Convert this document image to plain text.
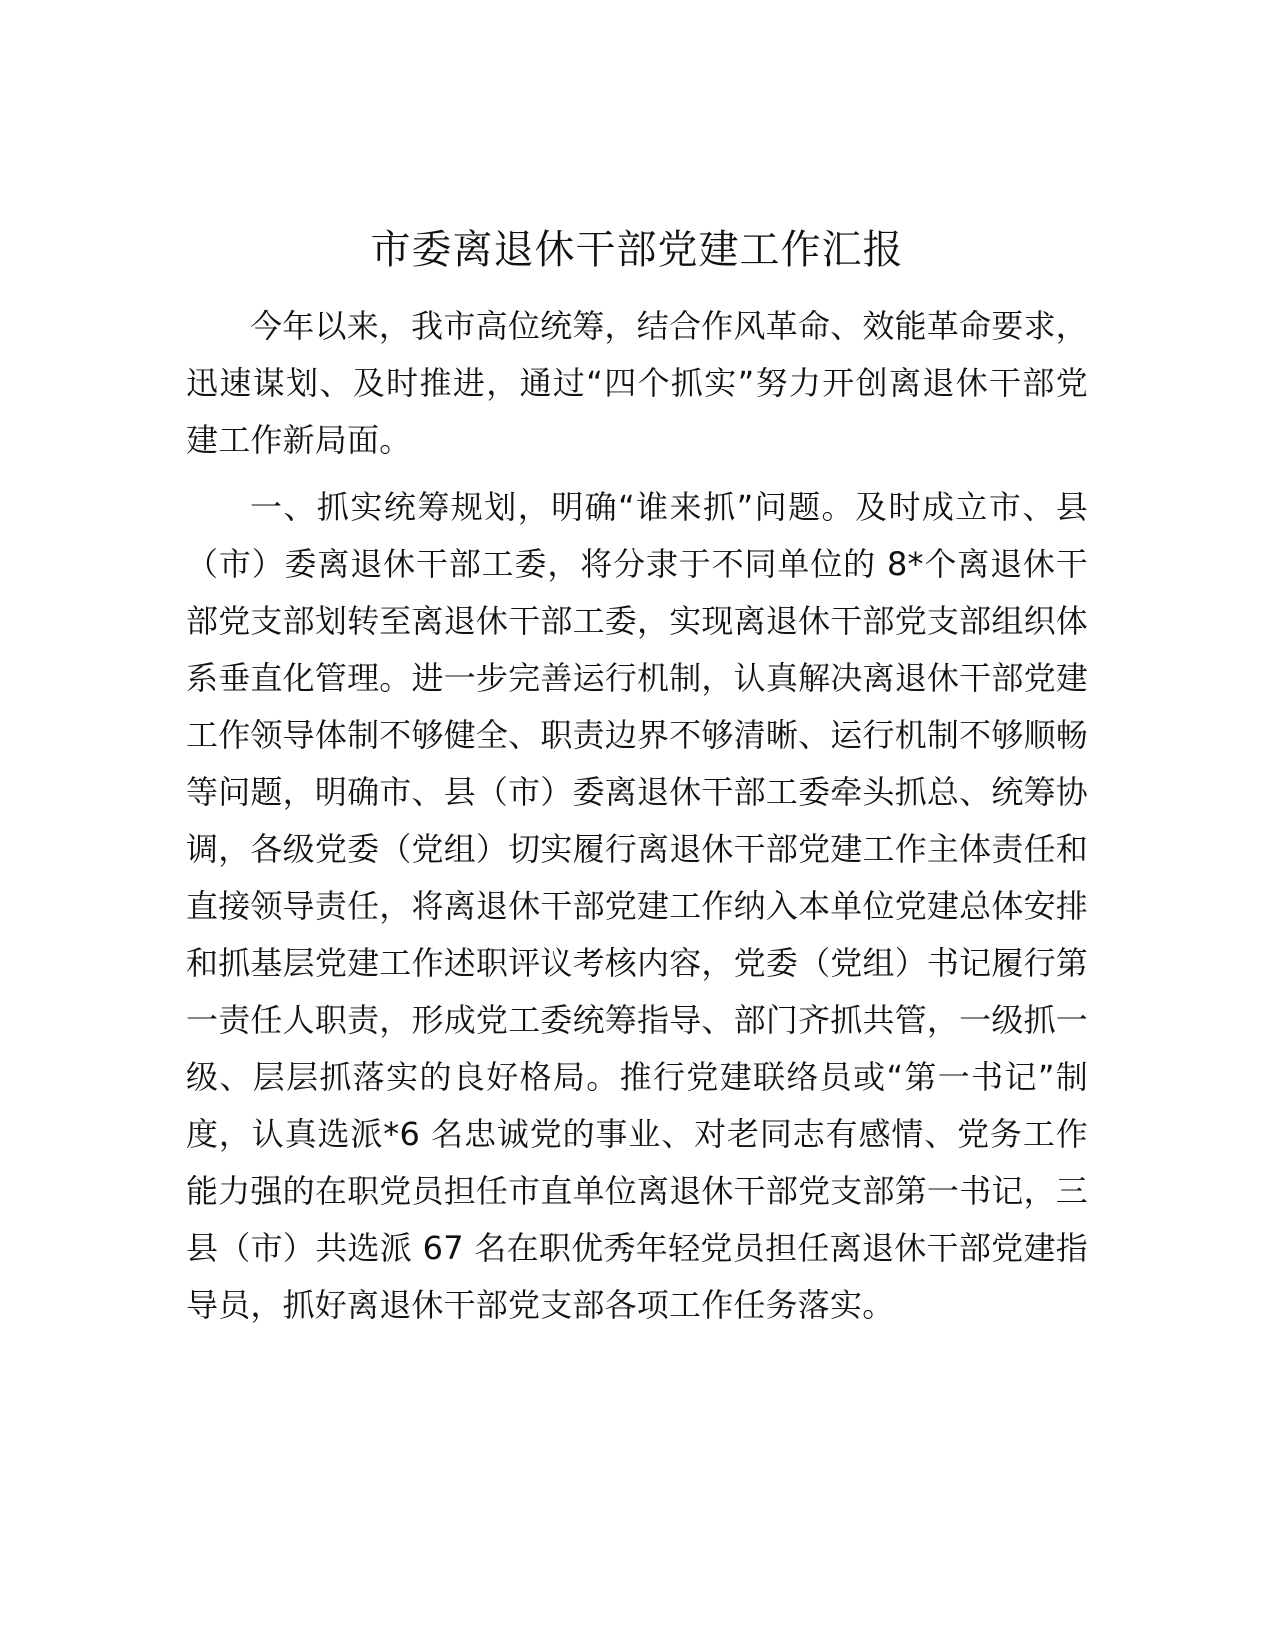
市委离退休干部党建工作汇报

今年以来，我市高位统筹，结合作风革命、效能革命要求，迅速谋划、及时推进，通过“四个抓实”努力开创离退休干部党建工作新局面。

一、抓实统筹规划，明确“谁来抓”问题。及时成立市、县（市）委离退休干部工委，将分隶于不同单位的 8*个离退休干部党支部划转至离退休干部工委，实现离退休干部党支部组织体系垂直化管理。进一步完善运行机制，认真解决离退休干部党建工作领导体制不够健全、职责边界不够清晰、运行机制不够顺畅等问题，明确市、县（市）委离退休干部工委牵头抓总、统筹协调，各级党委（党组）切实履行离退休干部党建工作主体责任和直接领导责任，将离退休干部党建工作纳入本单位党建总体安排和抓基层党建工作述职评议考核内容，党委（党组）书记履行第一责任人职责，形成党工委统筹指导、部门齐抓共管，一级抓一级、层层抓落实的良好格局。推行党建联络员或“第一书记”制度，认真选派*6 名忠诚党的事业、对老同志有感情、党务工作能力强的在职党员担任市直单位离退休干部党支部第一书记，三县（市）共选派 67 名在职优秀年轻党员担任离退休干部党建指导员，抓好离退休干部党支部各项工作任务落实。
